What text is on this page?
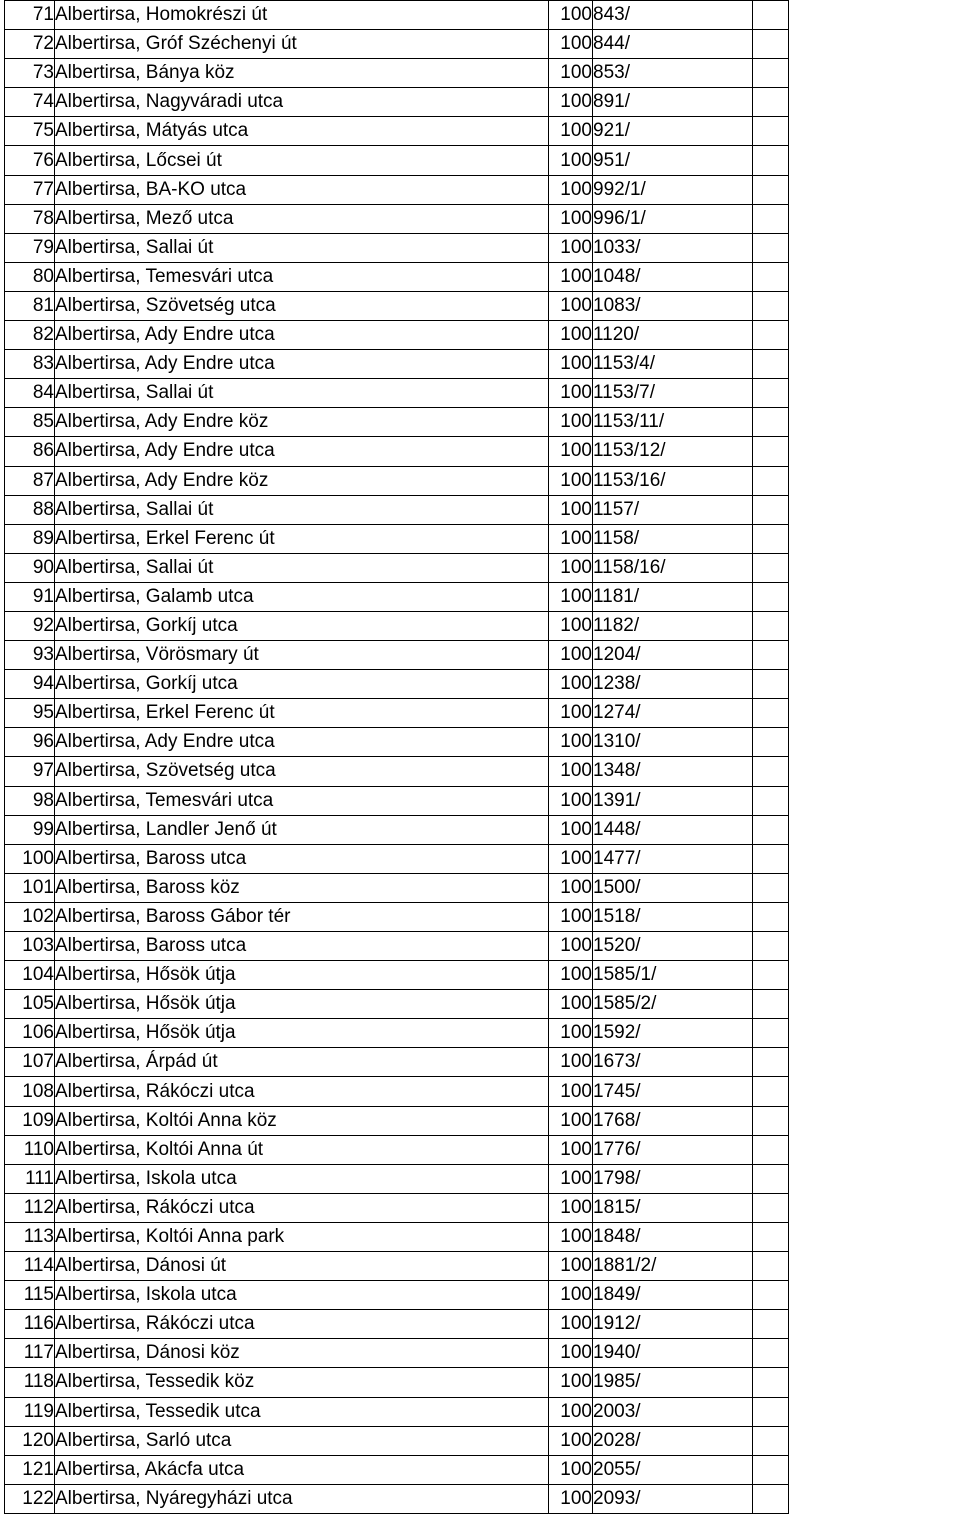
71	Albertirsa, Homokrészi út	100	843/	
72	Albertirsa, Gróf Széchenyi út	100	844/	
73	Albertirsa, Bánya köz	100	853/	
74	Albertirsa, Nagyváradi utca	100	891/	
75	Albertirsa, Mátyás utca	100	921/	
76	Albertirsa, Lőcsei út	100	951/	
77	Albertirsa, BA-KO utca	100	992/1/	
78	Albertirsa, Mező utca	100	996/1/	
79	Albertirsa, Sallai út	100	1033/	
80	Albertirsa, Temesvári utca	100	1048/	
81	Albertirsa, Szövetség utca	100	1083/	
82	Albertirsa, Ady Endre utca	100	1120/	
83	Albertirsa, Ady Endre utca	100	1153/4/	
84	Albertirsa, Sallai út	100	1153/7/	
85	Albertirsa, Ady Endre köz	100	1153/11/	
86	Albertirsa, Ady Endre utca	100	1153/12/	
87	Albertirsa, Ady Endre köz	100	1153/16/	
88	Albertirsa, Sallai út	100	1157/	
89	Albertirsa, Erkel Ferenc út	100	1158/	
90	Albertirsa, Sallai út	100	1158/16/	
91	Albertirsa, Galamb utca	100	1181/	
92	Albertirsa, Gorkíj utca	100	1182/	
93	Albertirsa, Vörösmary út	100	1204/	
94	Albertirsa, Gorkíj utca	100	1238/	
95	Albertirsa, Erkel Ferenc út	100	1274/	
96	Albertirsa, Ady Endre utca	100	1310/	
97	Albertirsa, Szövetség utca	100	1348/	
98	Albertirsa, Temesvári utca	100	1391/	
99	Albertirsa, Landler Jenő út	100	1448/	
100	Albertirsa, Baross utca	100	1477/	
101	Albertirsa, Baross köz	100	1500/	
102	Albertirsa, Baross Gábor tér	100	1518/	
103	Albertirsa, Baross utca	100	1520/	
104	Albertirsa, Hősök útja	100	1585/1/	
105	Albertirsa, Hősök útja	100	1585/2/	
106	Albertirsa, Hősök útja	100	1592/	
107	Albertirsa, Árpád út	100	1673/	
108	Albertirsa, Rákóczi utca	100	1745/	
109	Albertirsa, Koltói Anna köz	100	1768/	
110	Albertirsa, Koltói Anna út	100	1776/	
111	Albertirsa, Iskola utca	100	1798/	
112	Albertirsa, Rákóczi utca	100	1815/	
113	Albertirsa, Koltói Anna park	100	1848/	
114	Albertirsa, Dánosi út	100	1881/2/	
115	Albertirsa, Iskola utca	100	1849/	
116	Albertirsa, Rákóczi utca	100	1912/	
117	Albertirsa, Dánosi köz	100	1940/	
118	Albertirsa, Tessedik köz	100	1985/	
119	Albertirsa, Tessedik utca	100	2003/	
120	Albertirsa, Sarló utca	100	2028/	
121	Albertirsa, Akácfa utca	100	2055/	
122	Albertirsa, Nyáregyházi utca	100	2093/	
